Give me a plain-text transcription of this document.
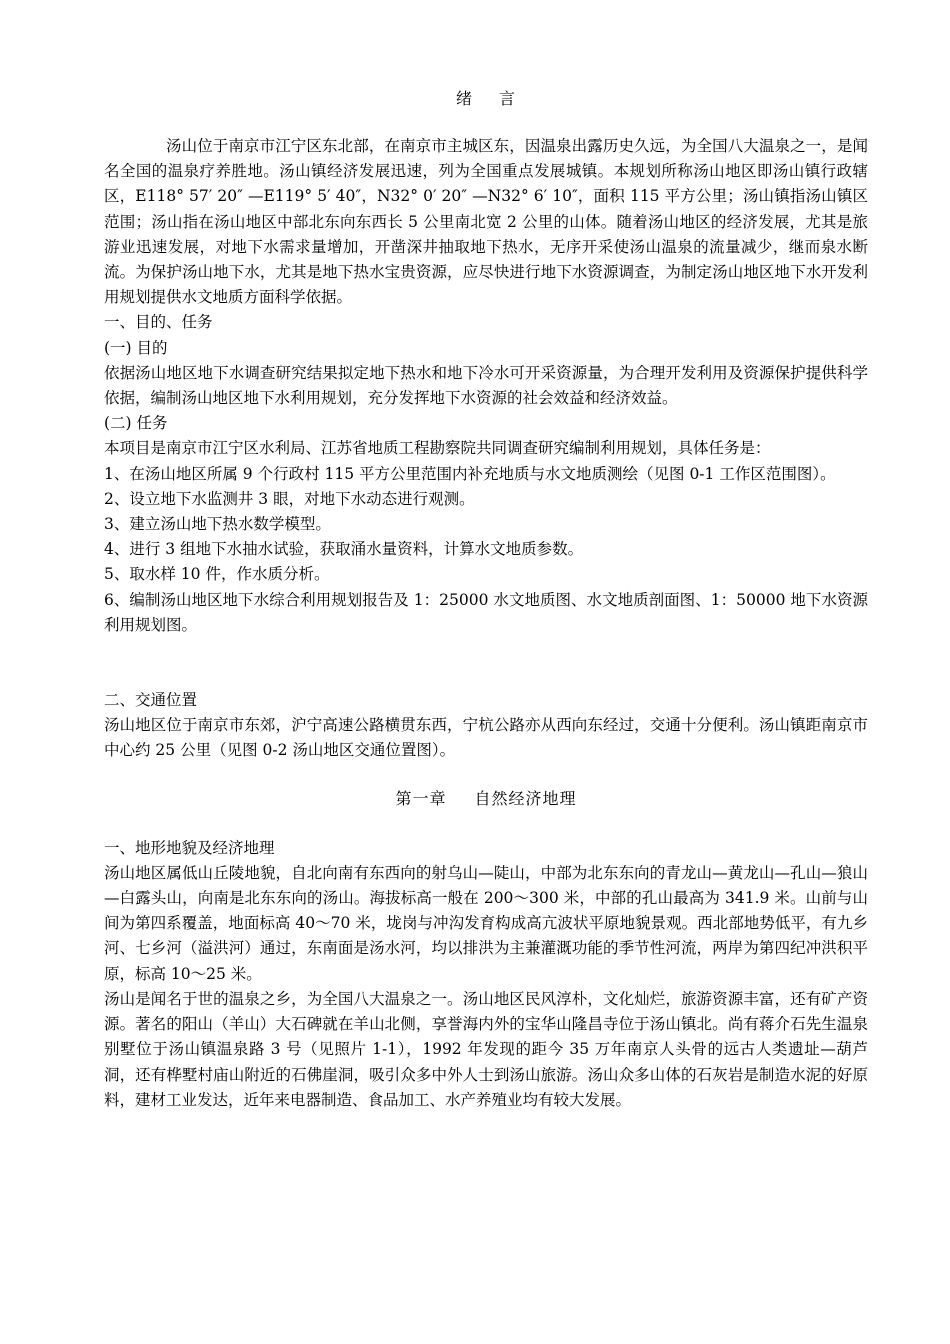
绪 言

汤山位于南京市江宁区东北部，在南京市主城区东，因温泉出露历史久远，为全国八大温泉之一，是闻名全国的温泉疗养胜地。汤山镇经济发展迅速，列为全国重点发展城镇。本规划所称汤山地区即汤山镇行政辖区，E118° 57′ 20″ —E119° 5′ 40″，N32° 0′ 20″ —N32° 6′ 10″，面积 115 平方公里；汤山镇指汤山镇区范围；汤山指在汤山地区中部北东向东西长 5 公里南北宽 2 公里的山体。随着汤山地区的经济发展，尤其是旅游业迅速发展，对地下水需求量增加，开凿深井抽取地下热水，无序开采使汤山温泉的流量减少，继而泉水断流。为保护汤山地下水，尤其是地下热水宝贵资源，应尽快进行地下水资源调查，为制定汤山地区地下水开发利用规划提供水文地质方面科学依据。

一、目的、任务

(一) 目的

依据汤山地区地下水调查研究结果拟定地下热水和地下冷水可开采资源量，为合理开发利用及资源保护提供科学依据，编制汤山地区地下水利用规划，充分发挥地下水资源的社会效益和经济效益。

(二) 任务

本项目是南京市江宁区水利局、江苏省地质工程勘察院共同调查研究编制利用规划，具体任务是：

1、在汤山地区所属 9 个行政村 115 平方公里范围内补充地质与水文地质测绘（见图 0-1 工作区范围图）。

2、设立地下水监测井 3 眼，对地下水动态进行观测。

3、建立汤山地下热水数学模型。

4、进行 3 组地下水抽水试验，获取涌水量资料，计算水文地质参数。

5、取水样 10 件，作水质分析。

6、编制汤山地区地下水综合利用规划报告及 1：25000 水文地质图、水文地质剖面图、1：50000 地下水资源利用规划图。

二、交通位置

汤山地区位于南京市东郊，沪宁高速公路横贯东西，宁杭公路亦从西向东经过，交通十分便利。汤山镇距南京市中心约 25 公里（见图 0-2 汤山地区交通位置图）。

第一章 自然经济地理

一、地形地貌及经济地理

汤山地区属低山丘陵地貌，自北向南有东西向的射乌山—陡山，中部为北东东向的青龙山—黄龙山—孔山—狼山—白露头山，向南是北东东向的汤山。海拔标高一般在 200～300 米，中部的孔山最高为 341.9 米。山前与山间为第四系覆盖，地面标高 40～70 米，垅岗与冲沟发育构成高亢波状平原地貌景观。西北部地势低平，有九乡河、七乡河（溢洪河）通过，东南面是汤水河，均以排洪为主兼灌溉功能的季节性河流，两岸为第四纪冲洪积平原，标高 10～25 米。

汤山是闻名于世的温泉之乡，为全国八大温泉之一。汤山地区民风淳朴，文化灿烂，旅游资源丰富，还有矿产资源。著名的阳山（羊山）大石碑就在羊山北侧，享誉海内外的宝华山隆昌寺位于汤山镇北。尚有蒋介石先生温泉别墅位于汤山镇温泉路 3 号（见照片 1-1），1992 年发现的距今 35 万年南京人头骨的远古人类遗址—葫芦洞，还有桦墅村庙山附近的石佛崖洞，吸引众多中外人士到汤山旅游。汤山众多山体的石灰岩是制造水泥的好原料，建材工业发达，近年来电器制造、食品加工、水产养殖业均有较大发展。
